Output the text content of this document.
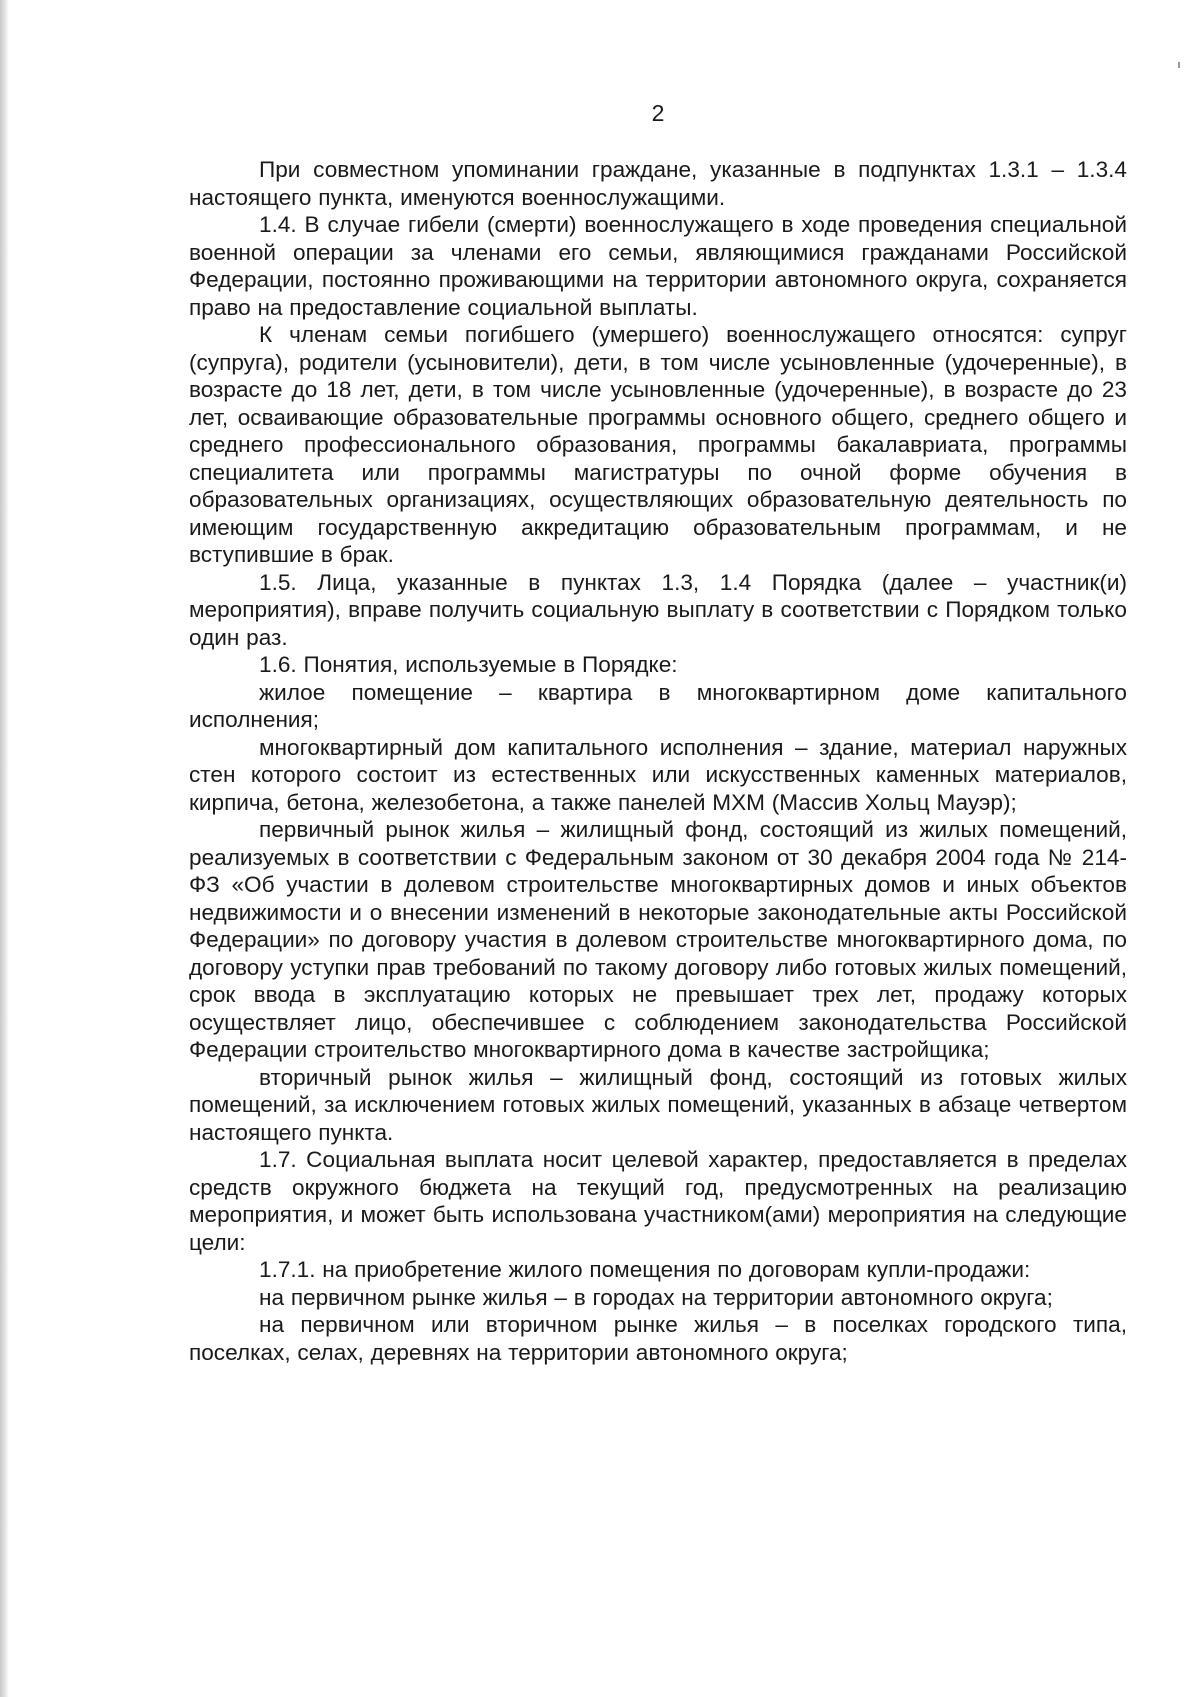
2

При совместном упоминании граждане, указанные в подпунктах 1.3.1 – 1.3.4 настоящего пункта, именуются военнослужащими.

1.4. В случае гибели (смерти) военнослужащего в ходе проведения специальной военной операции за членами его семьи, являющимися гражданами Российской Федерации, постоянно проживающими на территории автономного округа, сохраняется право на предоставление социальной выплаты.

К членам семьи погибшего (умершего) военнослужащего относятся: супруг (супруга), родители (усыновители), дети, в том числе усыновленные (удочеренные), в возрасте до 18 лет, дети, в том числе усыновленные (удочеренные), в возрасте до 23 лет, осваивающие образовательные программы основного общего, среднего общего и среднего профессионального образования, программы бакалавриата, программы специалитета или программы магистратуры по очной форме обучения в образовательных организациях, осуществляющих образовательную деятельность по имеющим государственную аккредитацию образовательным программам, и не вступившие в брак.

1.5. Лица, указанные в пунктах 1.3, 1.4 Порядка (далее – участник(и) мероприятия), вправе получить социальную выплату в соответствии с Порядком только один раз.

1.6. Понятия, используемые в Порядке:

жилое помещение – квартира в многоквартирном доме капитального исполнения;

многоквартирный дом капитального исполнения – здание, материал наружных стен которого состоит из естественных или искусственных каменных материалов, кирпича, бетона, железобетона, а также панелей МХМ (Массив Хольц Мауэр);

первичный рынок жилья – жилищный фонд, состоящий из жилых помещений, реализуемых в соответствии с Федеральным законом от 30 декабря 2004 года № 214-ФЗ «Об участии в долевом строительстве многоквартирных домов и иных объектов недвижимости и о внесении изменений в некоторые законодательные акты Российской Федерации» по договору участия в долевом строительстве многоквартирного дома, по договору уступки прав требований по такому договору либо готовых жилых помещений, срок ввода в эксплуатацию которых не превышает трех лет, продажу которых осуществляет лицо, обеспечившее с соблюдением законодательства Российской Федерации строительство многоквартирного дома в качестве застройщика;

вторичный рынок жилья – жилищный фонд, состоящий из готовых жилых помещений, за исключением готовых жилых помещений, указанных в абзаце четвертом настоящего пункта.

1.7. Социальная выплата носит целевой характер, предоставляется в пределах средств окружного бюджета на текущий год, предусмотренных на реализацию мероприятия, и может быть использована участником(ами) мероприятия на следующие цели:

1.7.1. на приобретение жилого помещения по договорам купли-продажи:

на первичном рынке жилья – в городах на территории автономного округа;

на первичном или вторичном рынке жилья – в поселках городского типа, поселках, селах, деревнях на территории автономного округа;
